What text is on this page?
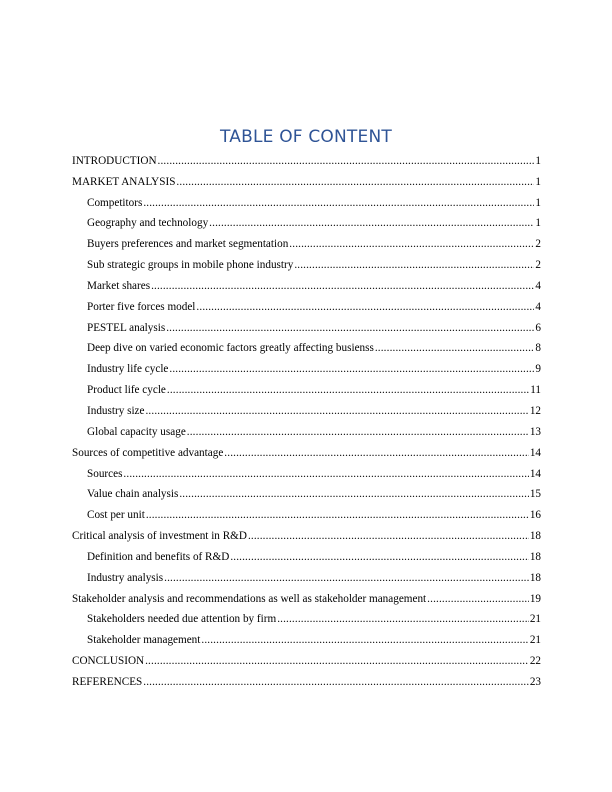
TABLE OF CONTENT
INTRODUCTION .....	1
MARKET ANALYSIS .....	1
Competitors .....	1
Geography and technology .....	1
Buyers preferences and market segmentation .....	2
Sub strategic groups in mobile phone industry .....	2
Market shares .....	4
Porter five forces model .....	4
PESTEL analysis .....	6
Deep dive on varied economic factors greatly affecting busienss .....	8
Industry life cycle .....	9
Product life cycle .....	11
Industry size .....	12
Global capacity usage .....	13
Sources of competitive advantage .....	14
Sources .....	14
Value chain analysis .....	15
Cost per unit .....	16
Critical analysis of investment in R&D .....	18
Definition and benefits of R&D .....	18
Industry analysis .....	18
Stakeholder analysis and recommendations as well as stakeholder management .....	19
Stakeholders needed due attention by firm .....	21
Stakeholder management .....	21
CONCLUSION .....	22
REFERENCES .....	23
